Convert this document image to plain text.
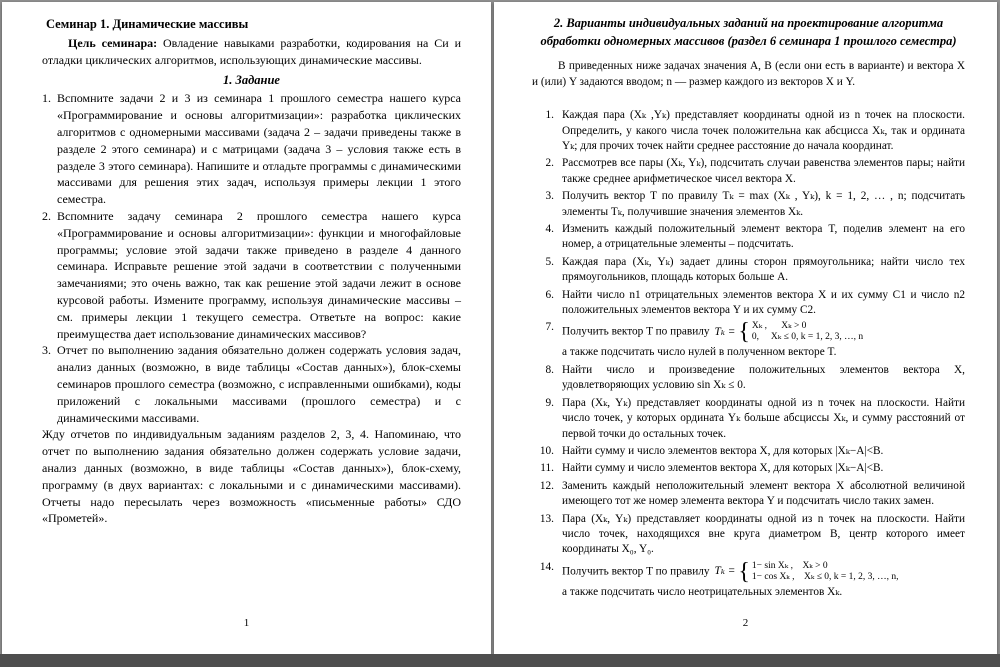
Семинар 1. Динамические массивы

Цель семинара: Овладение навыками разработки, кодирования на Си и отладки циклических алгоритмов, использующих динамические массивы.

1. Задание
1. Вспомните задачи 2 и 3 из семинара 1 прошлого семестра нашего курса «Программирование и основы алгоритмизации»: разработка циклических алгоритмов с одномерными массивами (задача 2 – задачи приведены также в разделе 2 этого семинара) и с матрицами (задача 3 – условия также есть в разделе 3 этого семинара). Напишите и отладьте программы с динамическими массивами для решения этих задач, используя примеры лекции 1 этого семестра.
2. Вспомните задачу семинара 2 прошлого семестра нашего курса «Программирование и основы алгоритмизации»: функции и многофайловые программы; условие этой задачи также приведено в разделе 4 данного семинара. Исправьте решение этой задачи в соответствии с полученными замечаниями; это очень важно, так как решение этой задачи лежит в основе курсовой работы. Измените программу, используя динамические массивы – см. примеры лекции 1 текущего семестра. Ответьте на вопрос: какие преимущества дает использование динамических массивов?
3. Отчет по выполнению задания обязательно должен содержать условия задач, анализ данных (возможно, в виде таблицы «Состав данных»), блок-схемы семинаров прошлого семестра (возможно, с исправленными ошибками), коды приложений с локальными массивами (прошлого семестра) и с динамическими массивами.

Жду отчетов по индивидуальным заданиям разделов 2, 3, 4. Напоминаю, что отчет по выполнению задания обязательно должен содержать условие задачи, анализ данных (возможно, в виде таблицы «Состав данных»), блок-схему, программу (в двух вариантах: с локальными и с динамическими массивами). Отчеты надо пересылать через возможность «письменные работы» СДО «Прометей».

1
2. Варианты индивидуальных заданий на проектирование алгоритма обработки одномерных массивов (раздел 6 семинара 1 прошлого семестра)

В приведенных ниже задачах значения A, B (если они есть в варианте) и вектора X и (или) Y задаются вводом; n — размер каждого из векторов X и Y.

1. Каждая пара (Xₖ ,Yₖ) представляет координаты одной из n точек на плоскости. Определить, у какого числа точек положительна как абсцисса Xₖ, так и ордината Yₖ; для прочих точек найти среднее расстояние до начала координат.
2. Рассмотрев все пары (Xₖ, Yₖ), подсчитать случаи равенства элементов пары; найти также среднее арифметическое чисел вектора X.
3. Получить вектор T по правилу Tₖ = max (Xₖ , Yₖ), k = 1, 2, … , n; подсчитать элементы Tₖ, получившие значения элементов Xₖ.
4. Изменить каждый положительный элемент вектора T, поделив элемент на его номер, а отрицательные элементы – подсчитать.
5. Каждая пара (Xₖ, Yₖ) задает длины сторон прямоугольника; найти число тех прямоугольников, площадь которых больше A.
6. Найти число n1 отрицательных элементов вектора X и их сумму C1 и число n2 положительных элементов вектора Y и их сумму C2.
7. Получить вектор T по правилу Tₖ = { Xₖ ,      Xₖ > 0
0,     Xₖ ≤ 0, k = 1, 2, 3, …, n
а также подсчитать число нулей в полученном векторе T.
8. Найти число и произведение положительных элементов вектора X, удовлетворяющих условию sin Xₖ ≤ 0.
9. Пара (Xₖ, Yₖ) представляет координаты одной из n точек на плоскости. Найти число точек, у которых ордината Yₖ больше абсциссы Xₖ, и сумму расстояний от первой точки до остальных точек.
10. Найти сумму и число элементов вектора X, для которых |Xₖ−A|<B.
11. Найти сумму и число элементов вектора X, для которых |Xₖ−A|<B.
12. Заменить каждый неположительный элемент вектора X абсолютной величиной имеющего тот же номер элемента вектора Y и подсчитать число таких замен.
13. Пара (Xₖ, Yₖ) представляет координаты одной из n точек на плоскости. Найти число точек, находящихся вне круга диаметром B, центр которого имеет координаты X₀, Y₀.
14. Получить вектор T по правилу Tₖ = { 1− sin Xₖ ,    Xₖ > 0
1− cos Xₖ ,    Xₖ ≤ 0, k = 1, 2, 3, …, n,
а также подсчитать число неотрицательных элементов Xₖ.
2
